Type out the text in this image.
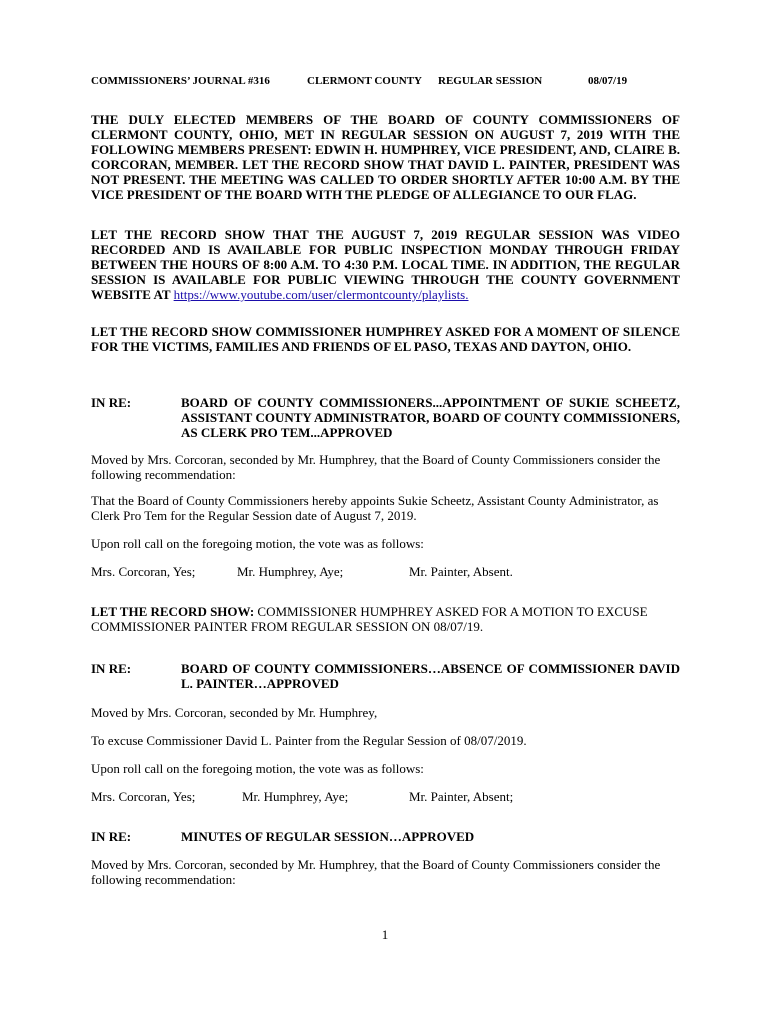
COMMISSIONERS’ JOURNAL #316	CLERMONT COUNTY REGULAR SESSION	08/07/19

THE DULY ELECTED MEMBERS OF THE BOARD OF COUNTY COMMISSIONERS OF CLERMONT COUNTY, OHIO, MET IN REGULAR SESSION ON AUGUST 7, 2019 WITH THE FOLLOWING MEMBERS PRESENT: EDWIN H. HUMPHREY, VICE PRESIDENT, AND, CLAIRE B. CORCORAN, MEMBER. LET THE RECORD SHOW THAT DAVID L. PAINTER, PRESIDENT WAS NOT PRESENT. THE MEETING WAS CALLED TO ORDER SHORTLY AFTER 10:00 A.M. BY THE VICE PRESIDENT OF THE BOARD WITH THE PLEDGE OF ALLEGIANCE TO OUR FLAG.

LET THE RECORD SHOW THAT THE AUGUST 7, 2019 REGULAR SESSION WAS VIDEO RECORDED AND IS AVAILABLE FOR PUBLIC INSPECTION MONDAY THROUGH FRIDAY BETWEEN THE HOURS OF 8:00 A.M. TO 4:30 P.M. LOCAL TIME. IN ADDITION, THE REGULAR SESSION IS AVAILABLE FOR PUBLIC VIEWING THROUGH THE COUNTY GOVERNMENT WEBSITE AT https://www.youtube.com/user/clermontcounty/playlists.

LET THE RECORD SHOW COMMISSIONER HUMPHREY ASKED FOR A MOMENT OF SILENCE FOR THE VICTIMS, FAMILIES AND FRIENDS OF EL PASO, TEXAS AND DAYTON, OHIO.

IN RE:	BOARD OF COUNTY COMMISSIONERS...APPOINTMENT OF SUKIE SCHEETZ, ASSISTANT COUNTY ADMINISTRATOR, BOARD OF COUNTY COMMISSIONERS, AS CLERK PRO TEM...APPROVED

Moved by Mrs. Corcoran, seconded by Mr. Humphrey, that the Board of County Commissioners consider the following recommendation:

That the Board of County Commissioners hereby appoints Sukie Scheetz, Assistant County Administrator, as Clerk Pro Tem for the Regular Session date of August 7, 2019.

Upon roll call on the foregoing motion, the vote was as follows:

Mrs. Corcoran, Yes;	Mr. Humphrey, Aye;	Mr. Painter, Absent.

LET THE RECORD SHOW: COMMISSIONER HUMPHREY ASKED FOR A MOTION TO EXCUSE COMMISSIONER PAINTER FROM REGULAR SESSION ON 08/07/19.

IN RE:	BOARD OF COUNTY COMMISSIONERS…ABSENCE OF COMMISSIONER DAVID L. PAINTER…APPROVED

Moved by Mrs. Corcoran, seconded by Mr. Humphrey,

To excuse Commissioner David L. Painter from the Regular Session of 08/07/2019.

Upon roll call on the foregoing motion, the vote was as follows:

Mrs. Corcoran, Yes;	Mr. Humphrey, Aye;	Mr. Painter, Absent;
IN RE:	MINUTES OF REGULAR SESSION…APPROVED

Moved by Mrs. Corcoran, seconded by Mr. Humphrey, that the Board of County Commissioners consider the following recommendation:

1
